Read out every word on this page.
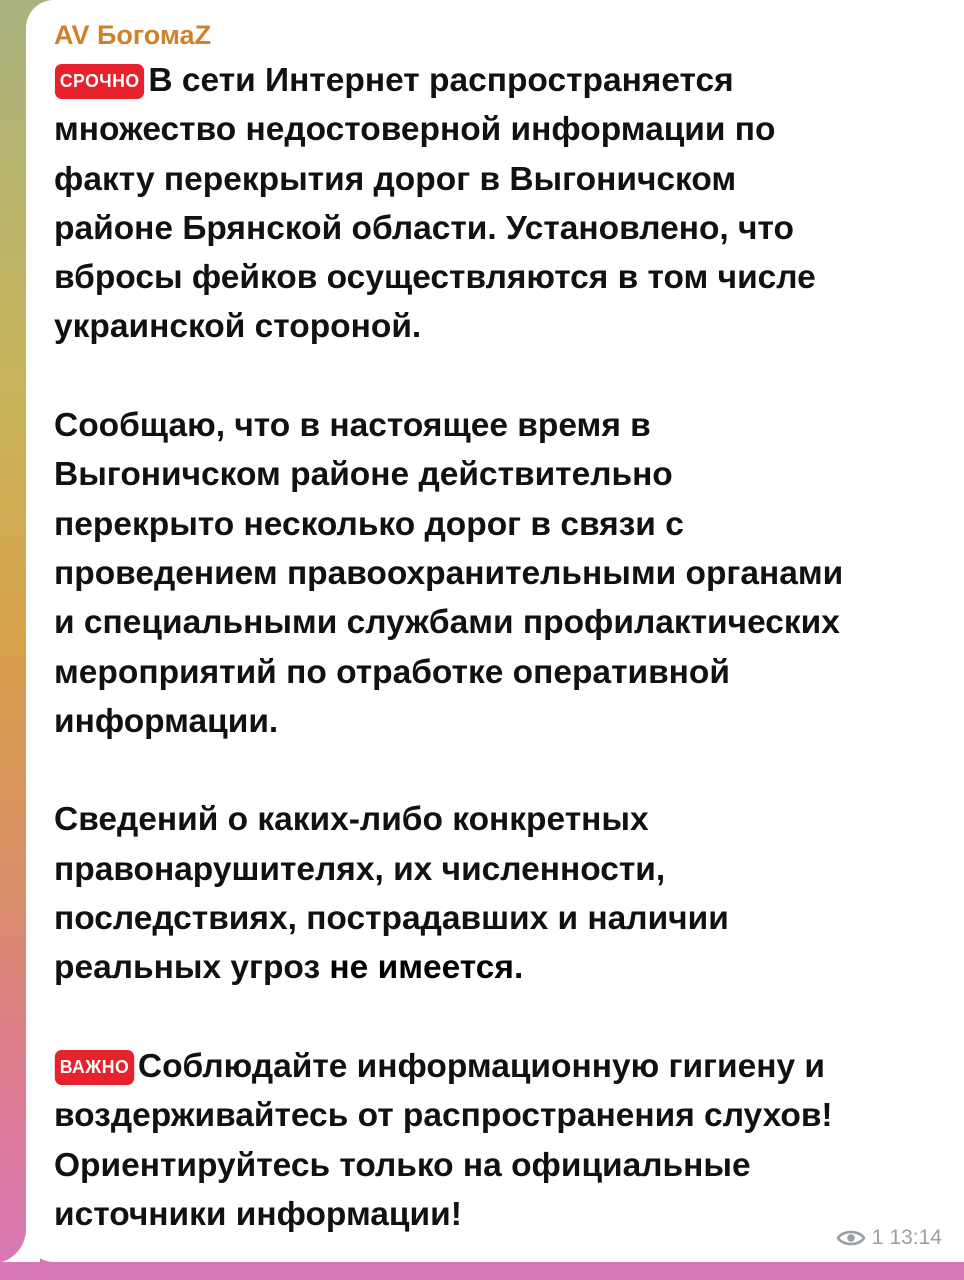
AV БогомаZ
СРОЧНО В сети Интернет распространяется
множество недостоверной информации по
факту перекрытия дорог в Выгоничском
районе Брянской области. Установлено, что
вбросы фейков осуществляются в том числе
украинской стороной.
Сообщаю, что в настоящее время в
Выгоничском районе действительно
перекрыто несколько дорог в связи с
проведением правоохранительными органами
и специальными службами профилактических
мероприятий по отработке оперативной
информации.
Сведений о каких-либо конкретных
правонарушителях, их численности,
последствиях, пострадавших и наличии
реальных угроз не имеется.
ВАЖНО Соблюдайте информационную гигиену и
воздерживайтесь от распространения слухов!
Ориентируйтесь только на официальные
источники информации!
1 13:14
